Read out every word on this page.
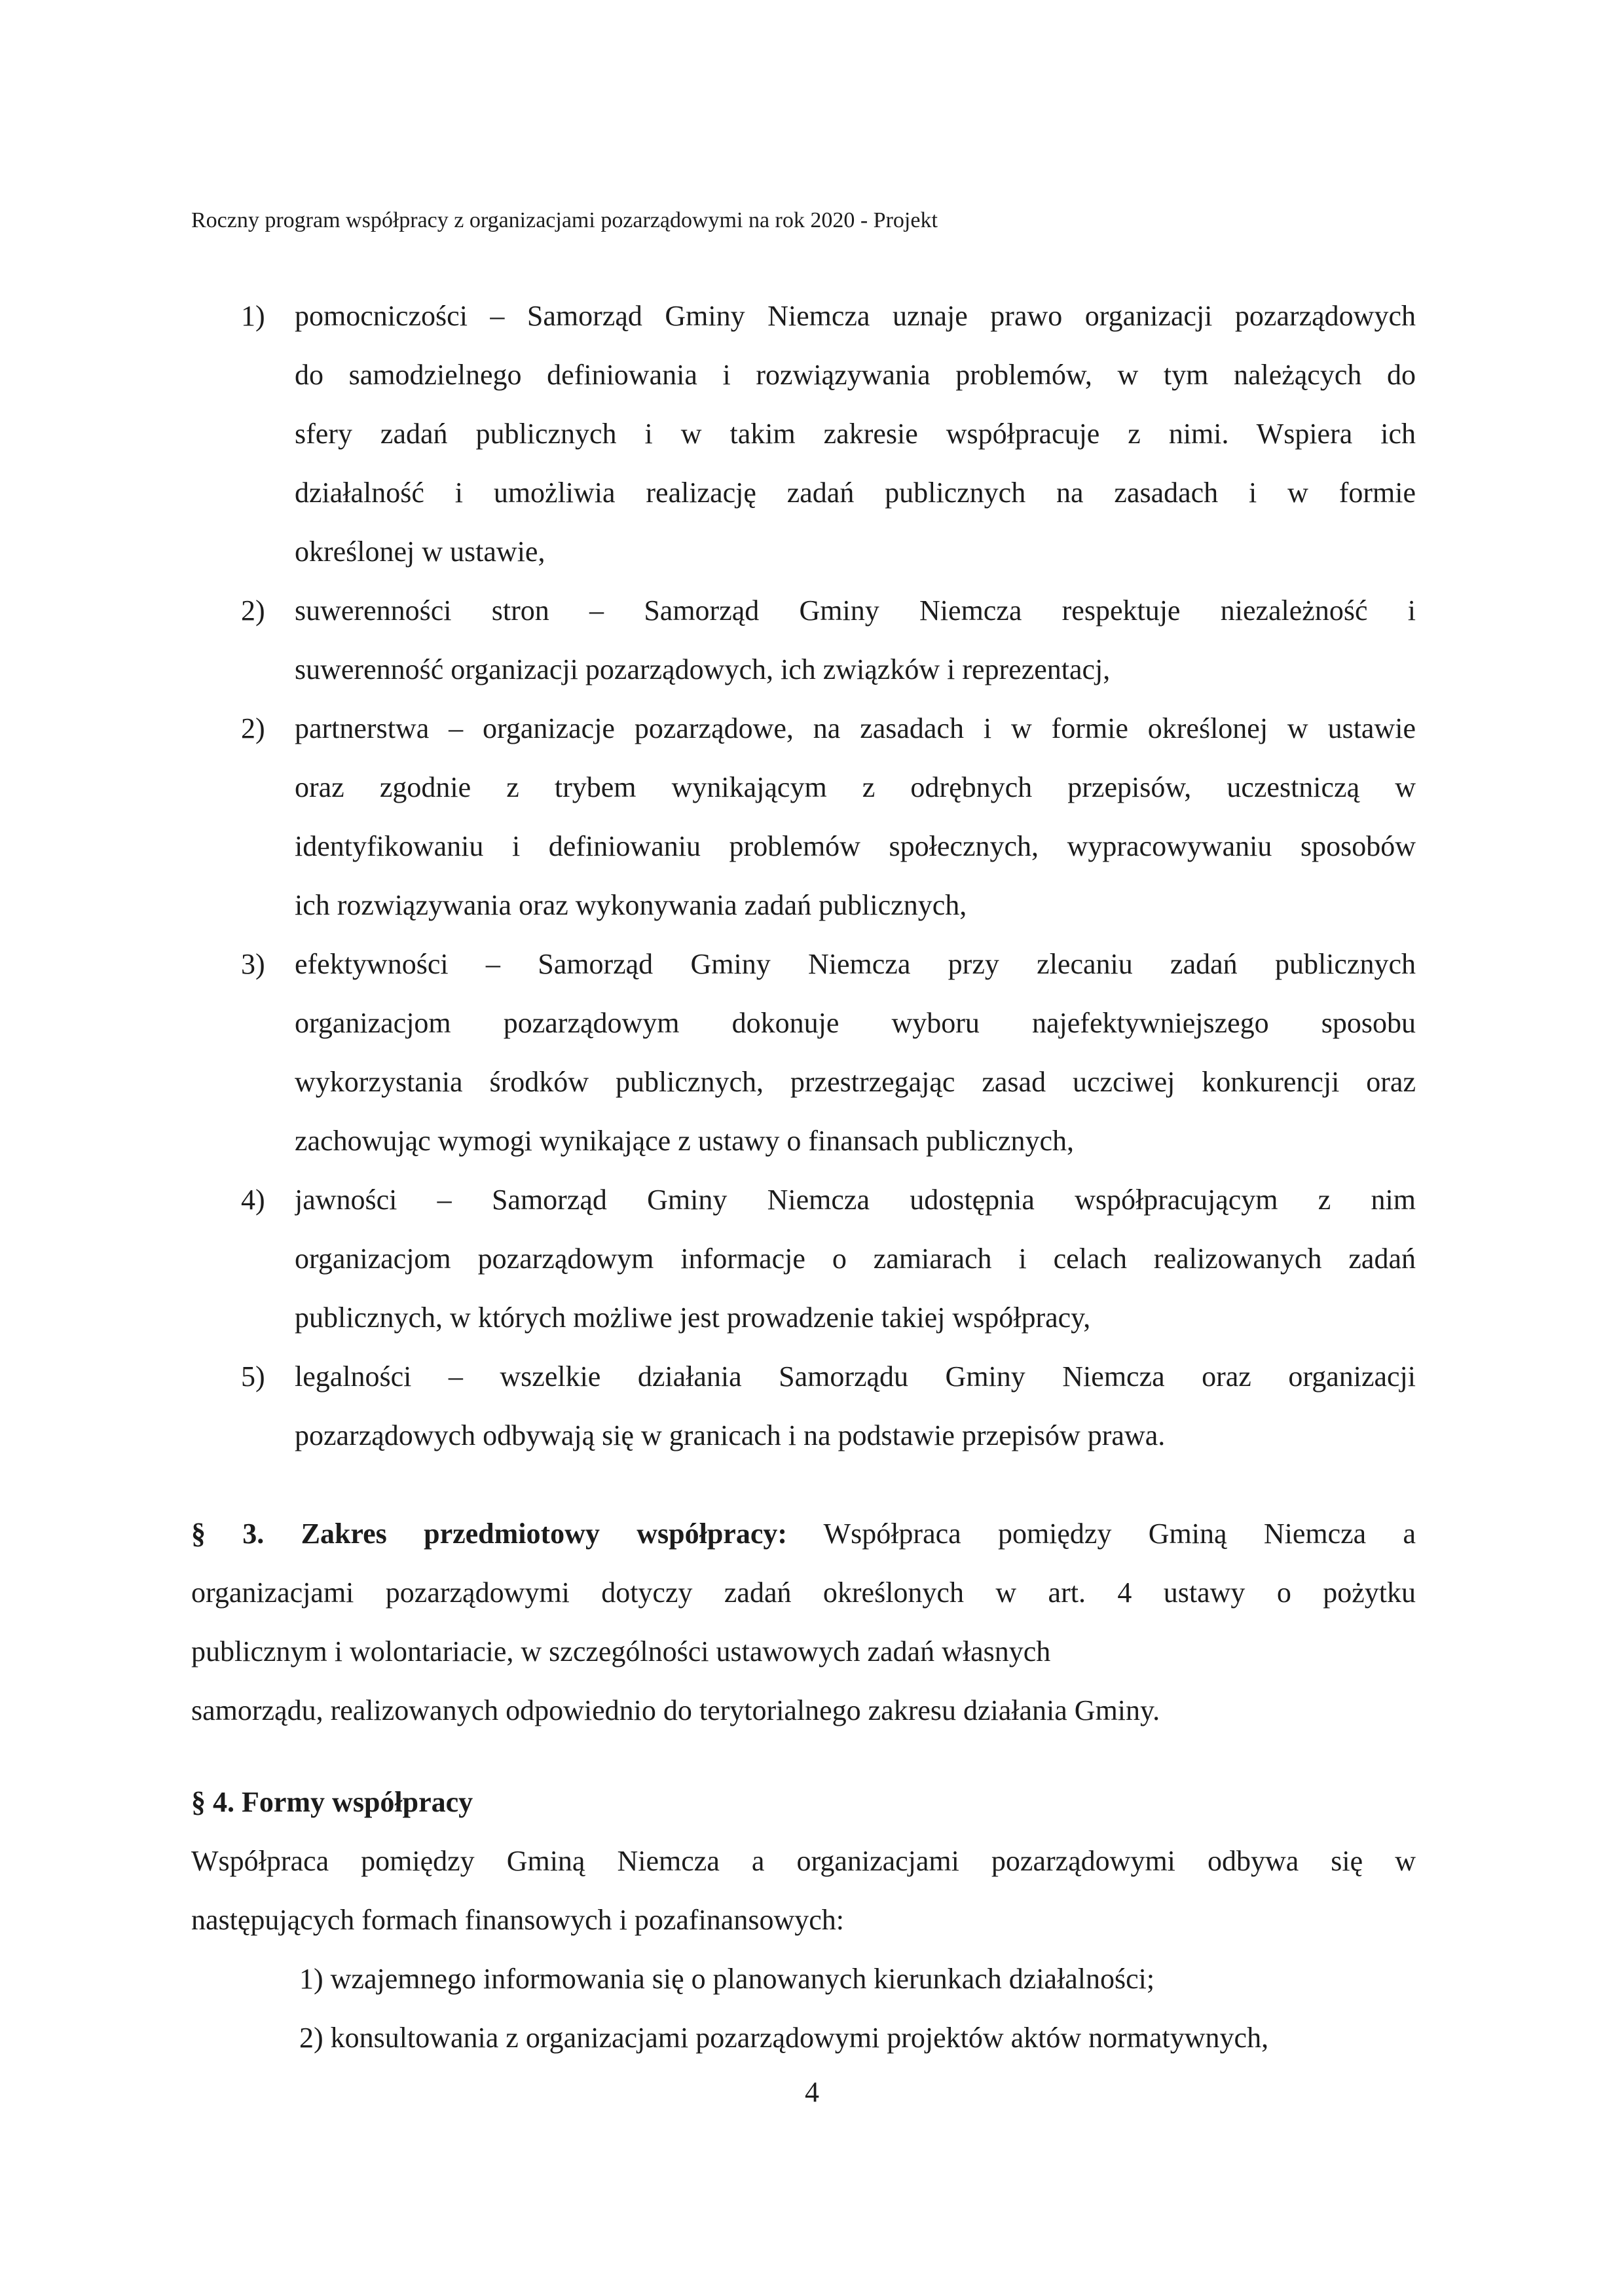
Roczny program współpracy z organizacjami pozarządowymi na rok 2020 - Projekt
1) pomocniczości – Samorząd Gminy Niemcza uznaje prawo organizacji pozarządowych
do samodzielnego definiowania i rozwiązywania problemów, w tym należących do
sfery zadań publicznych i w takim zakresie współpracuje z nimi. Wspiera ich
działalność i umożliwia realizację zadań publicznych na zasadach i w formie
określonej w ustawie,
2) suwerenności stron – Samorząd Gminy Niemcza respektuje niezależność i
suwerenność organizacji pozarządowych, ich związków i reprezentacj,
2) partnerstwa – organizacje pozarządowe, na zasadach i w formie określonej w ustawie
oraz zgodnie z trybem wynikającym z odrębnych przepisów, uczestniczą w
identyfikowaniu i definiowaniu problemów społecznych, wypracowywaniu sposobów
ich rozwiązywania oraz wykonywania zadań publicznych,
3) efektywności – Samorząd Gminy Niemcza przy zlecaniu zadań publicznych
organizacjom pozarządowym dokonuje wyboru najefektywniejszego sposobu
wykorzystania środków publicznych, przestrzegając zasad uczciwej konkurencji oraz
zachowując wymogi wynikające z ustawy o finansach publicznych,
4) jawności – Samorząd Gminy Niemcza udostępnia współpracującym z nim
organizacjom pozarządowym informacje o zamiarach i celach realizowanych zadań
publicznych, w których możliwe jest prowadzenie takiej współpracy,
5) legalności – wszelkie działania Samorządu Gminy Niemcza oraz organizacji
pozarządowych odbywają się w granicach i na podstawie przepisów prawa.
§ 3. Zakres przedmiotowy współpracy: Współpraca pomiędzy Gminą Niemcza a
organizacjami pozarządowymi dotyczy zadań określonych w art. 4 ustawy o pożytku
publicznym i wolontariacie, w szczególności ustawowych zadań własnych
samorządu, realizowanych odpowiednio do terytorialnego zakresu działania Gminy.
§ 4. Formy współpracy
Współpraca pomiędzy Gminą Niemcza a organizacjami pozarządowymi odbywa się w
następujących formach finansowych i pozafinansowych:
1) wzajemnego informowania się o planowanych kierunkach działalności;
2) konsultowania z organizacjami pozarządowymi projektów aktów normatywnych,
4
